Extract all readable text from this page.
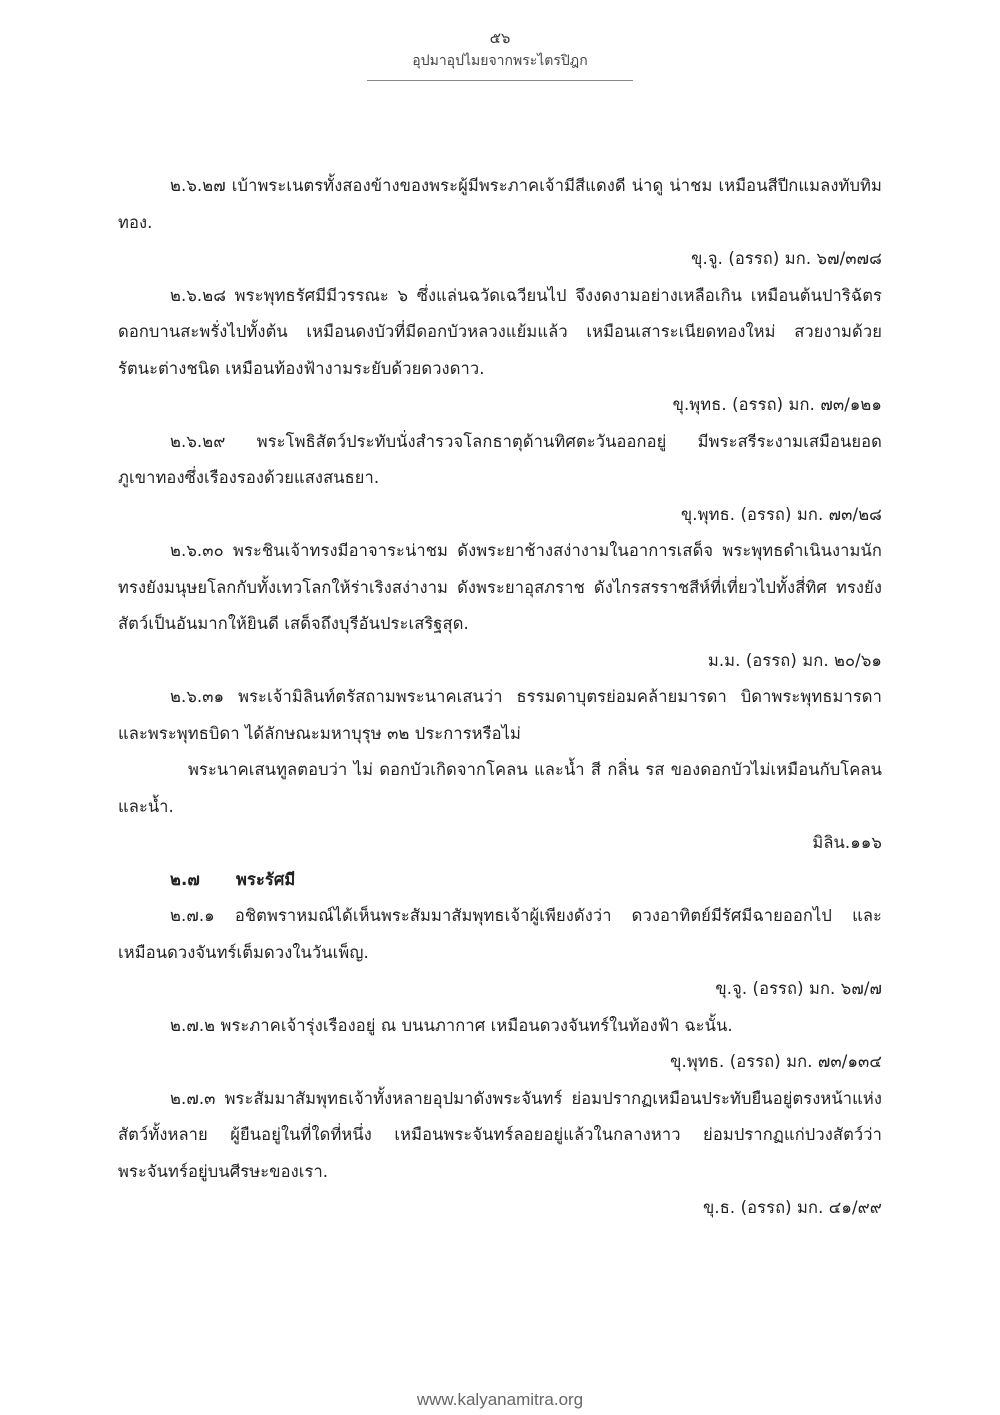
๕๖
อุปมาอุปไมยจากพระไตรปิฎก

๒.๖.๒๗ เบ้าพระเนตรทั้งสองข้างของพระผู้มีพระภาคเจ้ามีสีแดงดี น่าดู น่าชม เหมือนสีปีกแมลงทับทิมทอง.

ขุ.จู. (อรรถ) มก. ๖๗/๓๗๘

๒.๖.๒๘ พระพุทธรัศมีมีวรรณะ ๖ ซึ่งแล่นฉวัดเฉวียนไป จึงงดงามอย่างเหลือเกิน เหมือนต้นปาริฉัตร ดอกบานสะพรั่งไปทั้งต้น เหมือนดงบัวที่มีดอกบัวหลวงแย้มแล้ว เหมือนเสาระเนียดทองใหม่ สวยงามด้วยรัตนะต่างชนิด เหมือนท้องฟ้างามระยับด้วยดวงดาว.

ขุ.พุทธ. (อรรถ) มก. ๗๓/๑๒๑

๒.๖.๒๙ พระโพธิสัตว์ประทับนั่งสำรวจโลกธาตุด้านทิศตะวันออกอยู่ มีพระสรีระงามเสมือนยอดภูเขาทองซึ่งเรืองรองด้วยแสงสนธยา.

ขุ.พุทธ. (อรรถ) มก. ๗๓/๒๘

๒.๖.๓๐ พระชินเจ้าทรงมีอาจาระน่าชม ดังพระยาช้างสง่างามในอาการเสด็จ พระพุทธดำเนินงามนัก ทรงยังมนุษยโลกกับทั้งเทวโลกให้ร่าเริงสง่างาม ดังพระยาอุสภราช ดังไกรสรราชสีห์ที่เที่ยวไปทั้งสี่ทิศ ทรงยังสัตว์เป็นอันมากให้ยินดี เสด็จถึงบุรีอันประเสริฐสุด.

ม.ม. (อรรถ) มก. ๒๐/๖๑

๒.๖.๓๑ พระเจ้ามิลินท์ตรัสถามพระนาคเสนว่า ธรรมดาบุตรย่อมคล้ายมารดา บิดาพระพุทธมารดา และพระพุทธบิดา ได้ลักษณะมหาบุรุษ ๓๒ ประการหรือไม่

พระนาคเสนทูลตอบว่า ไม่ ดอกบัวเกิดจากโคลน และน้ำ สี กลิ่น รส ของดอกบัวไม่เหมือนกับโคลน และน้ำ.

มิลิน.๑๑๖

๒.๗ พระรัศมี

๒.๗.๑ อชิตพราหมณ์ได้เห็นพระสัมมาสัมพุทธเจ้าผู้เพียงดังว่า ดวงอาทิตย์มีรัศมีฉายออกไป และเหมือนดวงจันทร์เต็มดวงในวันเพ็ญ.

ขุ.จู. (อรรถ) มก. ๖๗/๗

๒.๗.๒ พระภาคเจ้ารุ่งเรืองอยู่ ณ บนนภากาศ เหมือนดวงจันทร์ในท้องฟ้า ฉะนั้น.

ขุ.พุทธ. (อรรถ) มก. ๗๓/๑๓๔

๒.๗.๓ พระสัมมาสัมพุทธเจ้าทั้งหลายอุปมาดังพระจันทร์ ย่อมปรากฏเหมือนประทับยืนอยู่ตรงหน้าแห่งสัตว์ทั้งหลาย ผู้ยืนอยู่ในที่ใดที่หนึ่ง เหมือนพระจันทร์ลอยอยู่แล้วในกลางหาว ย่อมปรากฏแก่ปวงสัตว์ว่า พระจันทร์อยู่บนศีรษะของเรา.

ขุ.ธ. (อรรถ) มก. ๔๑/๙๙

www.kalyanamitra.org
